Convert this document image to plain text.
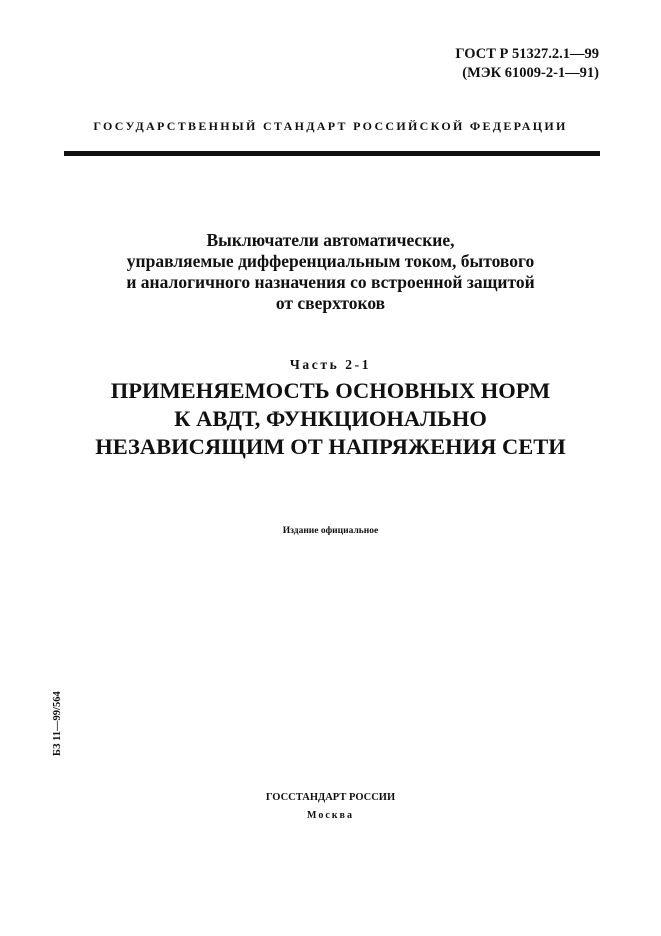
ГОСТ Р 51327.2.1—99
(МЭК 61009-2-1—91)
ГОСУДАРСТВЕННЫЙ СТАНДАРТ РОССИЙСКОЙ ФЕДЕРАЦИИ
Выключатели автоматические,
управляемые дифференциальным током, бытового
и аналогичного назначения со встроенной защитой
от сверхтоков
Часть 2-1
ПРИМЕНЯЕМОСТЬ ОСНОВНЫХ НОРМ
К АВДТ, ФУНКЦИОНАЛЬНО
НЕЗАВИСЯЩИМ ОТ НАПРЯЖЕНИЯ СЕТИ
Издание официальное
БЗ 11—99/564
ГОССТАНДАРТ РОССИИ
Москва
